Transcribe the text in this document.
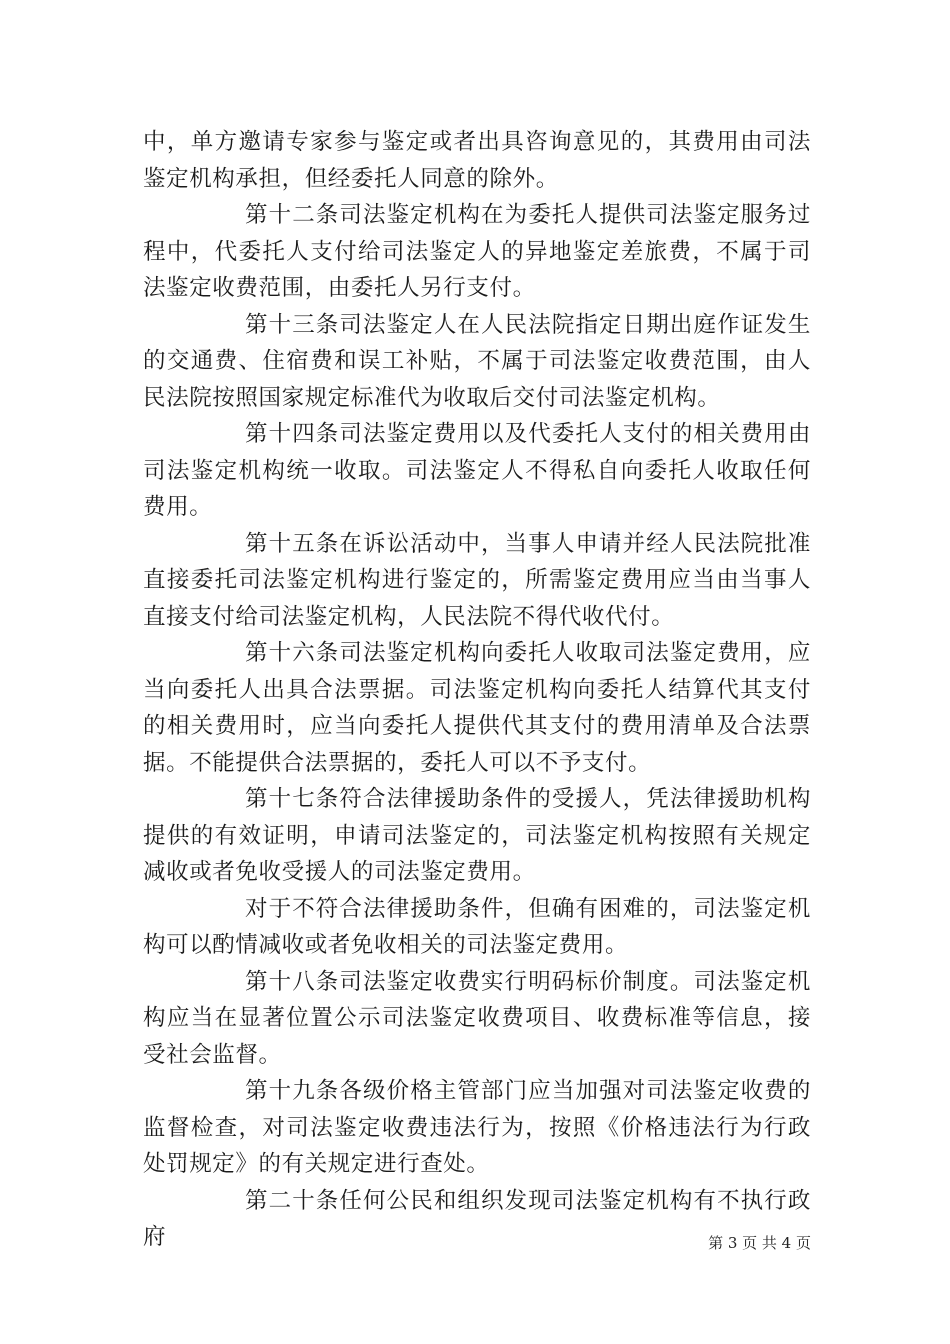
中，单方邀请专家参与鉴定或者出具咨询意见的，其费用由司法鉴定机构承担，但经委托人同意的除外。

第十二条司法鉴定机构在为委托人提供司法鉴定服务过程中，代委托人支付给司法鉴定人的异地鉴定差旅费，不属于司法鉴定收费范围，由委托人另行支付。

第十三条司法鉴定人在人民法院指定日期出庭作证发生的交通费、住宿费和误工补贴，不属于司法鉴定收费范围，由人民法院按照国家规定标准代为收取后交付司法鉴定机构。

第十四条司法鉴定费用以及代委托人支付的相关费用由司法鉴定机构统一收取。司法鉴定人不得私自向委托人收取任何费用。

第十五条在诉讼活动中，当事人申请并经人民法院批准直接委托司法鉴定机构进行鉴定的，所需鉴定费用应当由当事人直接支付给司法鉴定机构，人民法院不得代收代付。

第十六条司法鉴定机构向委托人收取司法鉴定费用，应当向委托人出具合法票据。司法鉴定机构向委托人结算代其支付的相关费用时，应当向委托人提供代其支付的费用清单及合法票据。不能提供合法票据的，委托人可以不予支付。

第十七条符合法律援助条件的受援人，凭法律援助机构提供的有效证明，申请司法鉴定的，司法鉴定机构按照有关规定减收或者免收受援人的司法鉴定费用。

对于不符合法律援助条件，但确有困难的，司法鉴定机构可以酌情减收或者免收相关的司法鉴定费用。

第十八条司法鉴定收费实行明码标价制度。司法鉴定机构应当在显著位置公示司法鉴定收费项目、收费标准等信息，接受社会监督。

第十九条各级价格主管部门应当加强对司法鉴定收费的监督检查，对司法鉴定收费违法行为，按照《价格违法行为行政处罚规定》的有关规定进行查处。

第二十条任何公民和组织发现司法鉴定机构有不执行政府	第 3 页 共 4 页
